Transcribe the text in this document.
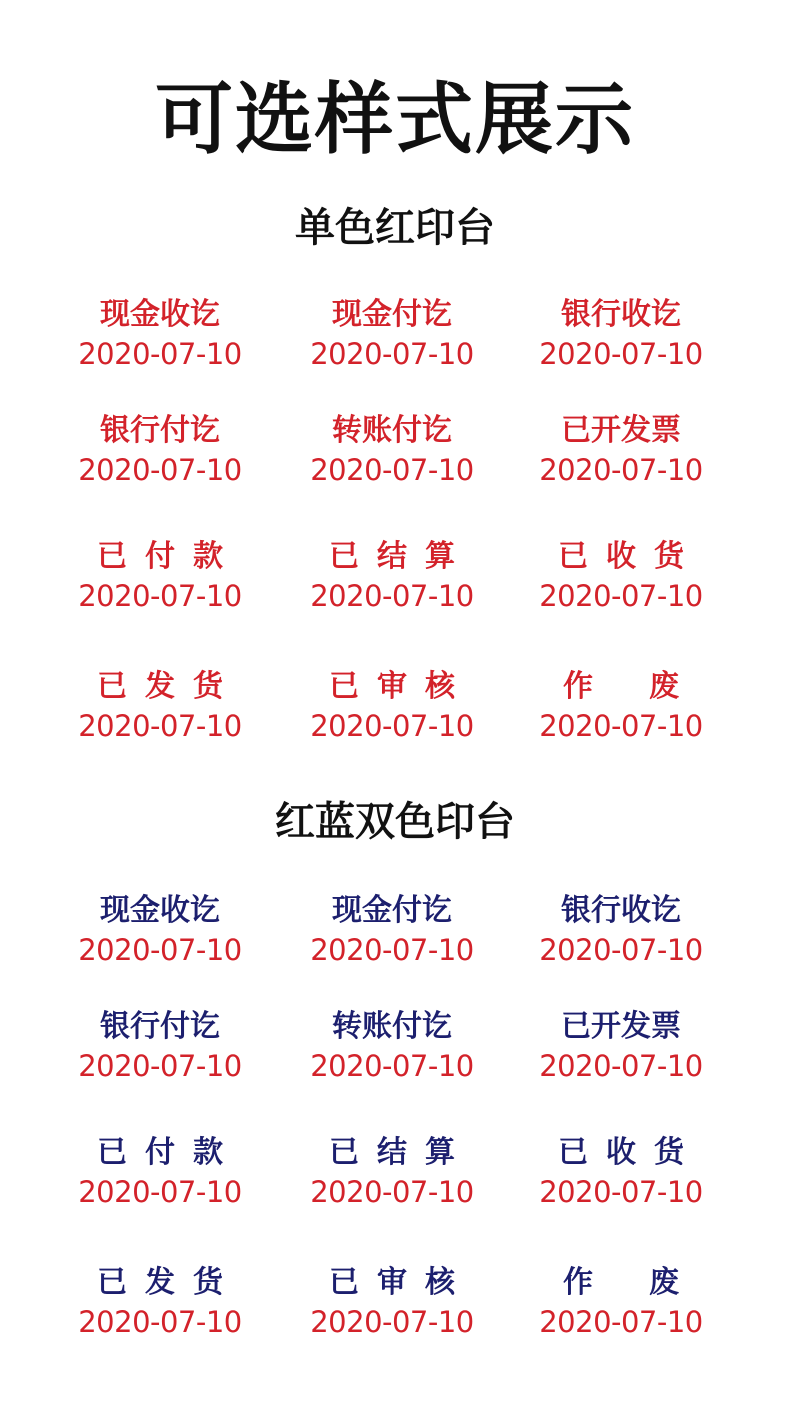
可选样式展示
单色红印台
现金收讫
2020-07-10
现金付讫
2020-07-10
银行收讫
2020-07-10
银行付讫
2020-07-10
转账付讫
2020-07-10
已开发票
2020-07-10
已付款
2020-07-10
已结算
2020-07-10
已收货
2020-07-10
已发货
2020-07-10
已审核
2020-07-10
作废
2020-07-10
红蓝双色印台
现金收讫
2020-07-10
现金付讫
2020-07-10
银行收讫
2020-07-10
银行付讫
2020-07-10
转账付讫
2020-07-10
已开发票
2020-07-10
已付款
2020-07-10
已结算
2020-07-10
已收货
2020-07-10
已发货
2020-07-10
已审核
2020-07-10
作废
2020-07-10
